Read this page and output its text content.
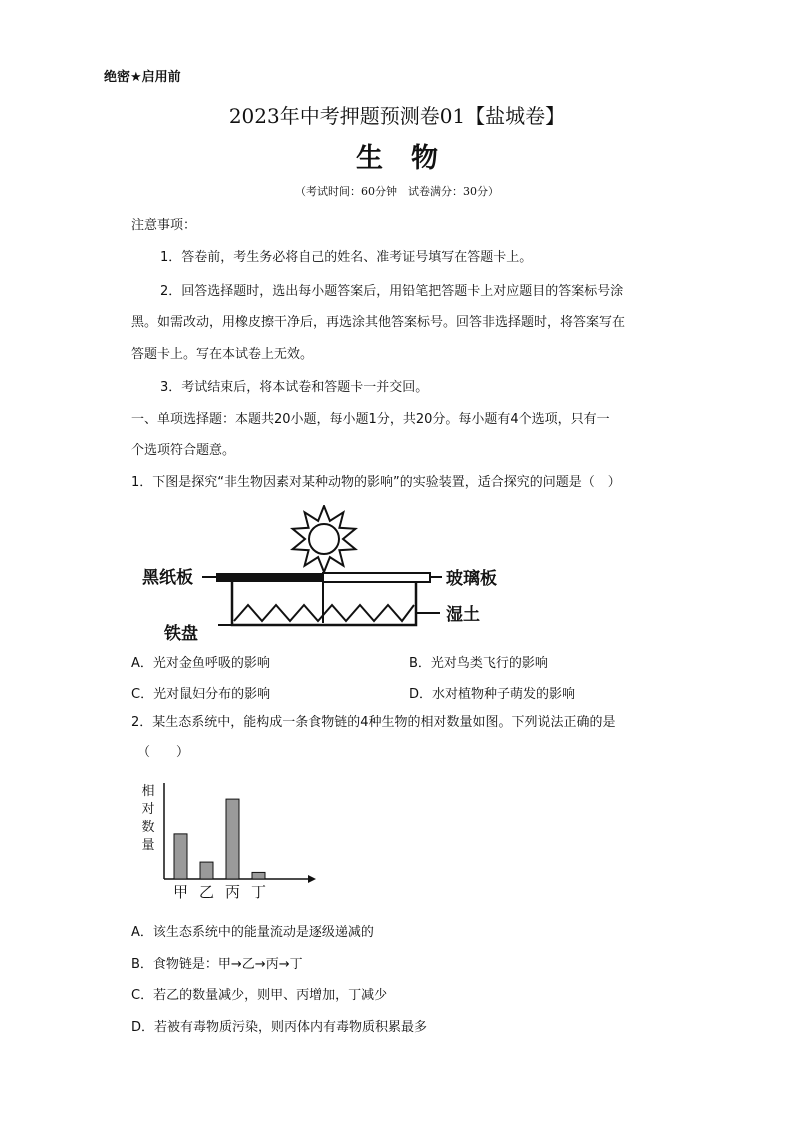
绝密★启用前
2023年中考押题预测卷01【盐城卷】
生物
（考试时间：60分钟　试卷满分：30分）
注意事项：
1．答卷前，考生务必将自己的姓名、准考证号填写在答题卡上。
2．回答选择题时，选出每小题答案后，用铅笔把答题卡上对应题目的答案标号涂
黑。如需改动，用橡皮擦干净后，再选涂其他答案标号。回答非选择题时，将答案写在
答题卡上。写在本试卷上无效。
3．考试结束后，将本试卷和答题卡一并交回。
一、单项选择题：本题共20小题，每小题1分，共20分。每小题有4个选项，只有一
个选项符合题意。
1．下图是探究“非生物因素对某种动物的影响”的实验装置，适合探究的问题是（　）
黑纸板	玻璃板
湿土
铁盘
A．光对金鱼呼吸的影响	B．光对鸟类飞行的影响
C．光对鼠妇分布的影响	D．水对植物种子萌发的影响
2．某生态系统中，能构成一条食物链的4种生物的相对数量如图。下列说法正确的是
（　　）
相对数量
甲 乙 丙 丁
A．该生态系统中的能量流动是逐级递减的
B．食物链是：甲→乙→丙→丁
C．若乙的数量减少，则甲、丙增加，丁减少
D．若被有毒物质污染，则丙体内有毒物质积累最多
